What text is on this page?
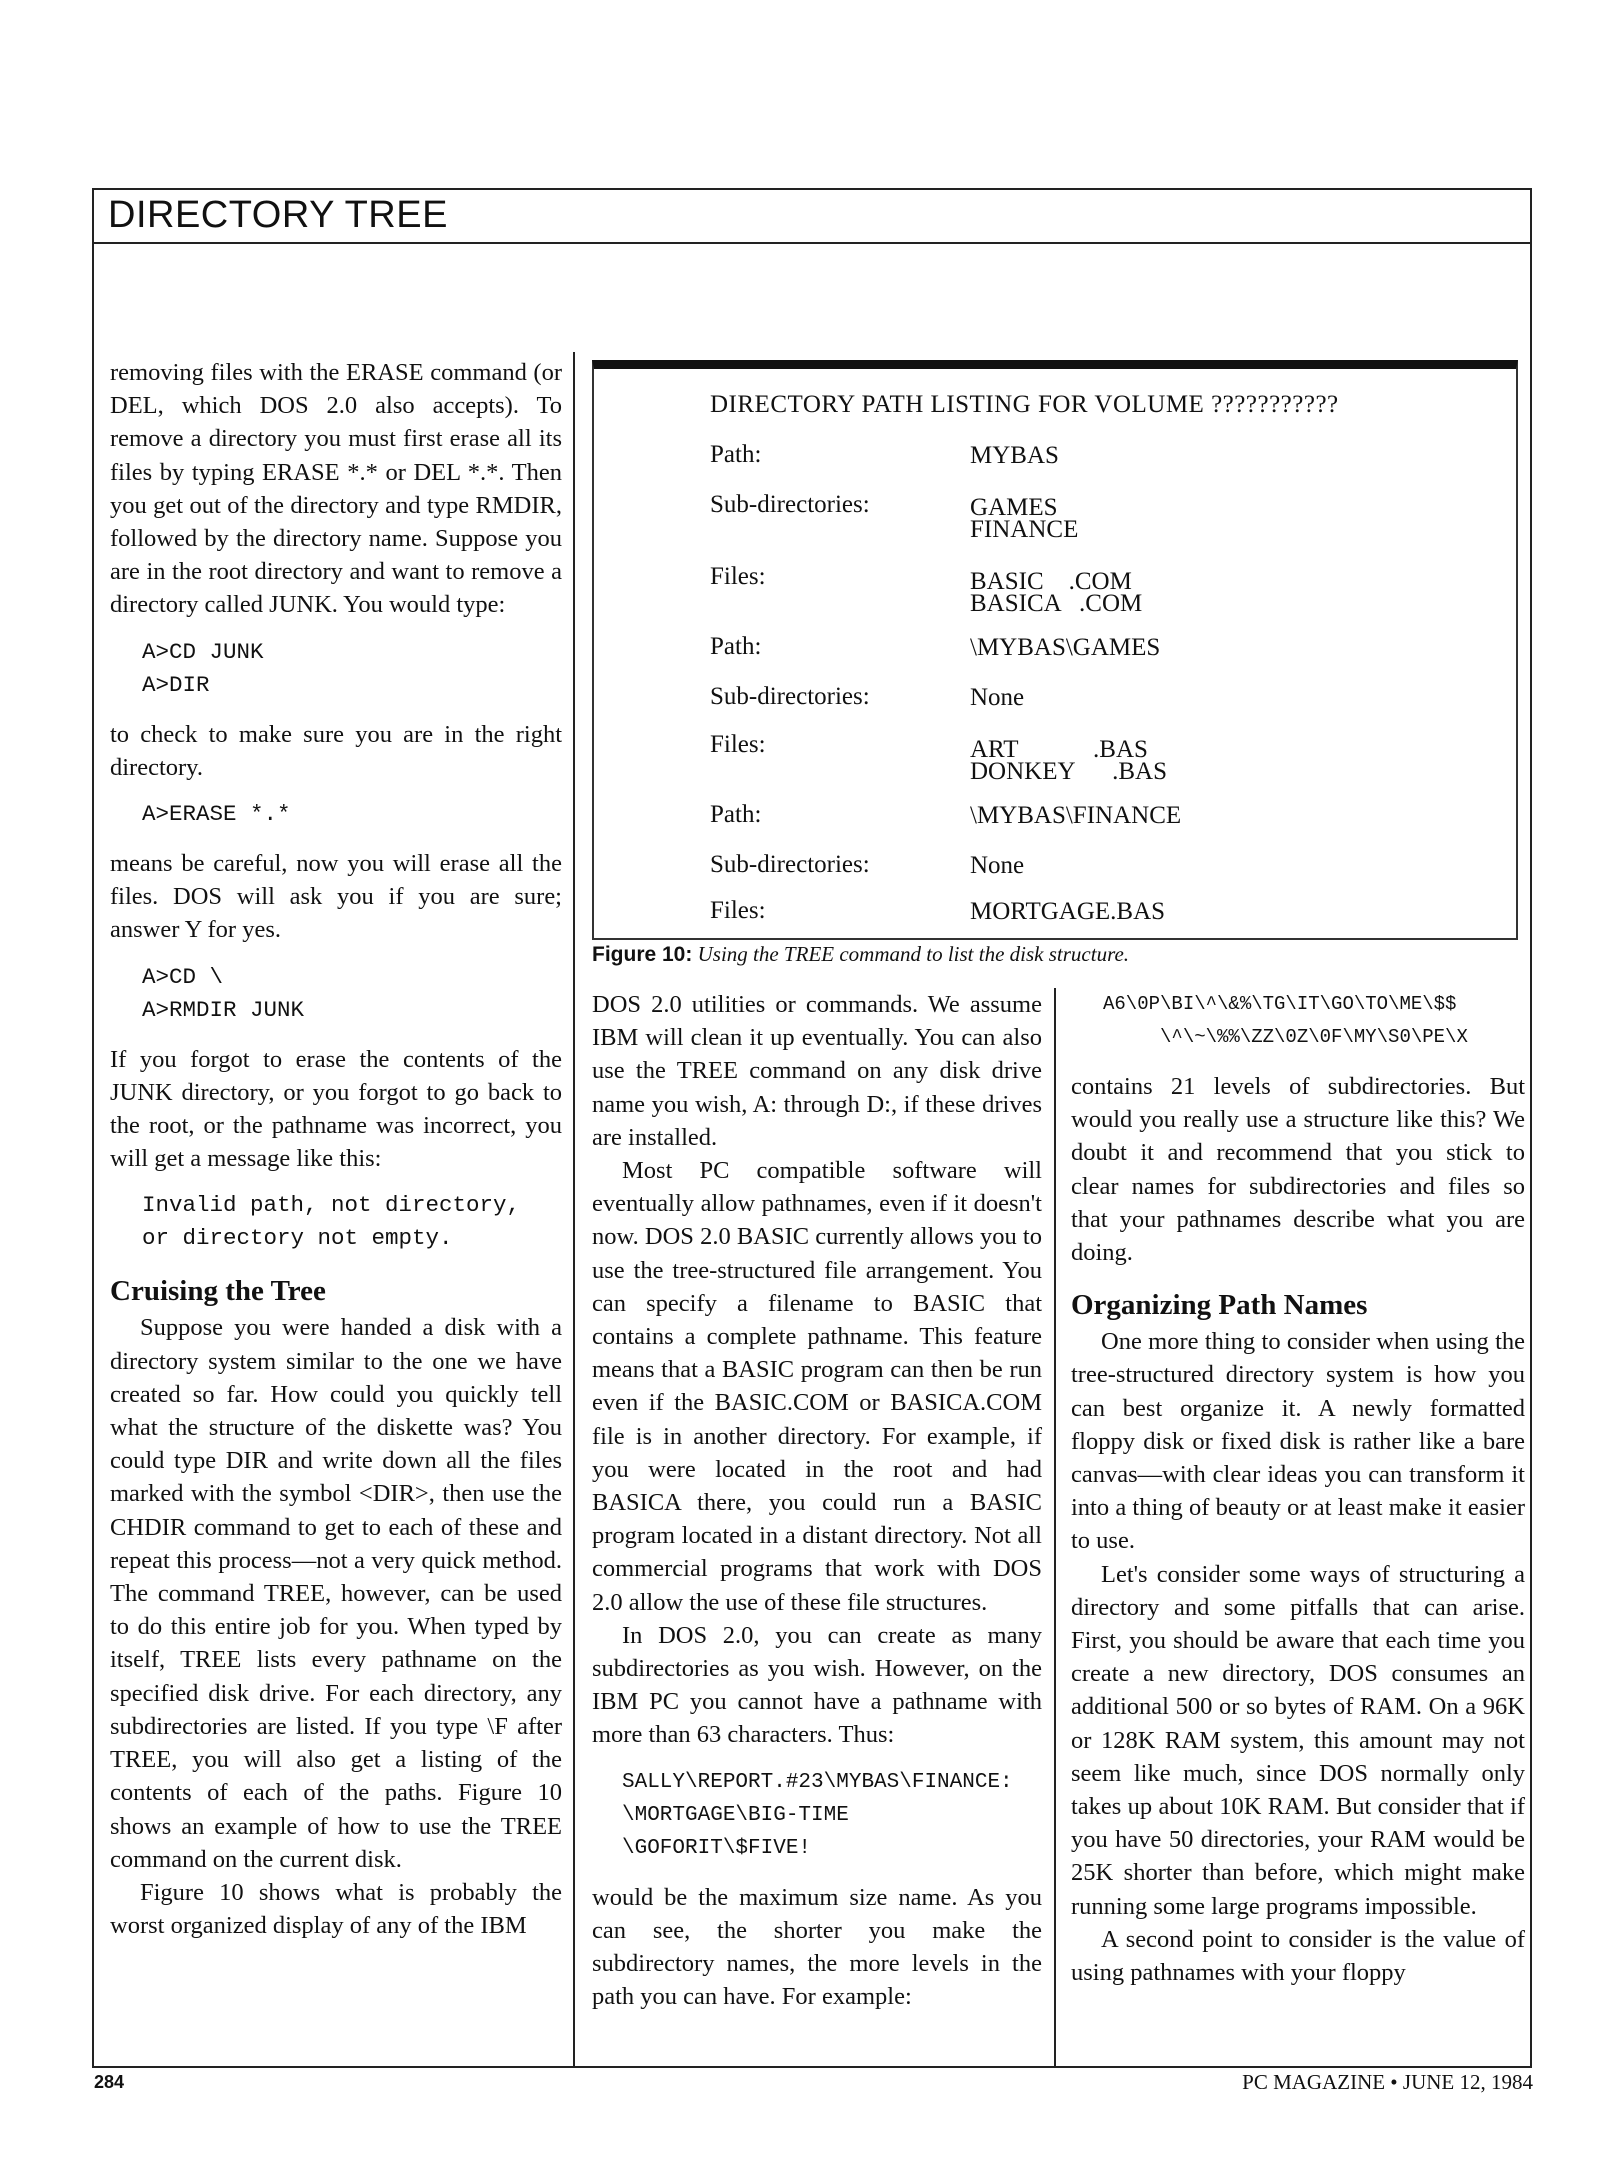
DIRECTORY TREE

removing files with the ERASE command (or DEL, which DOS 2.0 also accepts). To remove a directory you must first erase all its files by typing ERASE *.* or DEL *.*. Then you get out of the directory and type RMDIR, followed by the directory name. Suppose you are in the root directory and want to remove a directory called JUNK. You would type:

A>CD JUNK
A>DIR

to check to make sure you are in the right directory.

A>ERASE *.*

means be careful, now you will erase all the files. DOS will ask you if you are sure; answer Y for yes.

A>CD \
A>RMDIR JUNK

If you forgot to erase the contents of the JUNK directory, or you forgot to go back to the root, or the pathname was incorrect, you will get a message like this:

Invalid path, not directory,
or directory not empty.
Cruising the Tree

Suppose you were handed a disk with a directory system similar to the one we have created so far. How could you quickly tell what the structure of the diskette was? You could type DIR and write down all the files marked with the symbol <DIR>, then use the CHDIR command to get to each of these and repeat this process—not a very quick method. The command TREE, however, can be used to do this entire job for you. When typed by itself, TREE lists every pathname on the specified disk drive. For each directory, any subdirectories are listed. If you type \F after TREE, you will also get a listing of the contents of each of the paths. Figure 10 shows an example of how to use the TREE command on the current disk.

Figure 10 shows what is probably the worst organized display of any of the IBM

DIRECTORY PATH LISTING FOR VOLUME ???????????
Path:	MYBAS
Sub-directories:	GAMES
FINANCE
Files:	BASIC    .COM
BASICA   .COM
Path:	\MYBAS\GAMES
Sub-directories:	None
Files:	ART            .BAS
DONKEY      .BAS
Path:	\MYBAS\FINANCE
Sub-directories:	None
Files:	MORTGAGE.BAS
Figure 10: Using the TREE command to list the disk structure.

DOS 2.0 utilities or commands. We assume IBM will clean it up eventually. You can also use the TREE command on any disk drive name you wish, A: through D:, if these drives are installed.

Most PC compatible software will eventually allow pathnames, even if it doesn't now. DOS 2.0 BASIC currently allows you to use the tree-structured file arrangement. You can specify a filename to BASIC that contains a complete pathname. This feature means that a BASIC program can then be run even if the BASIC.COM or BASICA.COM file is in another directory. For example, if you were located in the root and had BASICA there, you could run a BASIC program located in a distant directory. Not all commercial programs that work with DOS 2.0 allow the use of these file structures.

In DOS 2.0, you can create as many subdirectories as you wish. However, on the IBM PC you cannot have a pathname with more than 63 characters. Thus:

SALLY\REPORT.#23\MYBAS\FINANCE:
\MORTGAGE\BIG-TIME
\GOFORIT\$FIVE!

would be the maximum size name. As you can see, the shorter you make the subdirectory names, the more levels in the path you can have. For example:

A6\0P\BI\^\&%\TG\IT\GO\TO\ME\$$
\^\~\%%\ZZ\0Z\0F\MY\S0\PE\X

contains 21 levels of subdirectories. But would you really use a structure like this? We doubt it and recommend that you stick to clear names for subdirectories and files so that your pathnames describe what you are doing.

Organizing Path Names

One more thing to consider when using the tree-structured directory system is how you can best organize it. A newly formatted floppy disk or fixed disk is rather like a bare canvas—with clear ideas you can transform it into a thing of beauty or at least make it easier to use.

Let's consider some ways of structuring a directory and some pitfalls that can arise. First, you should be aware that each time you create a new directory, DOS consumes an additional 500 or so bytes of RAM. On a 96K or 128K RAM system, this amount may not seem like much, since DOS normally only takes up about 10K RAM. But consider that if you have 50 directories, your RAM would be 25K shorter than before, which might make running some large programs impossible.

A second point to consider is the value of using pathnames with your floppy

284	PC MAGAZINE • JUNE 12, 1984
